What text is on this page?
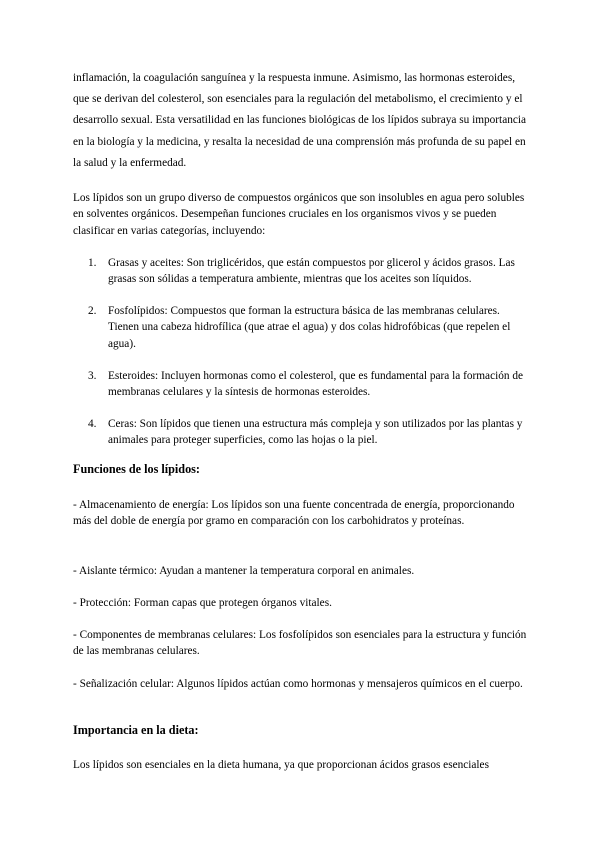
inflamación, la coagulación sanguínea y la respuesta inmune. Asimismo, las hormonas esteroides, que se derivan del colesterol, son esenciales para la regulación del metabolismo, el crecimiento y el desarrollo sexual. Esta versatilidad en las funciones biológicas de los lípidos subraya su importancia en la biología y la medicina, y resalta la necesidad de una comprensión más profunda de su papel en la salud y la enfermedad.

Los lípidos son un grupo diverso de compuestos orgánicos que son insolubles en agua pero solubles en solventes orgánicos. Desempeñan funciones cruciales en los organismos vivos y se pueden clasificar en varias categorías, incluyendo:

1. Grasas y aceites: Son triglicéridos, que están compuestos por glicerol y ácidos grasos. Las grasas son sólidas a temperatura ambiente, mientras que los aceites son líquidos.
2. Fosfolípidos: Compuestos que forman la estructura básica de las membranas celulares. Tienen una cabeza hidrofílica (que atrae el agua) y dos colas hidrofóbicas (que repelen el agua).
3. Esteroides: Incluyen hormonas como el colesterol, que es fundamental para la formación de membranas celulares y la síntesis de hormonas esteroides.
4. Ceras: Son lípidos que tienen una estructura más compleja y son utilizados por las plantas y animales para proteger superficies, como las hojas o la piel.
Funciones de los lípidos:

- Almacenamiento de energía: Los lípidos son una fuente concentrada de energía, proporcionando más del doble de energía por gramo en comparación con los carbohidratos y proteínas.

- Aislante térmico: Ayudan a mantener la temperatura corporal en animales.

- Protección: Forman capas que protegen órganos vitales.

- Componentes de membranas celulares: Los fosfolípidos son esenciales para la estructura y función de las membranas celulares.

- Señalización celular: Algunos lípidos actúan como hormonas y mensajeros químicos en el cuerpo.

Importancia en la dieta:

Los lípidos son esenciales en la dieta humana, ya que proporcionan ácidos grasos esenciales
